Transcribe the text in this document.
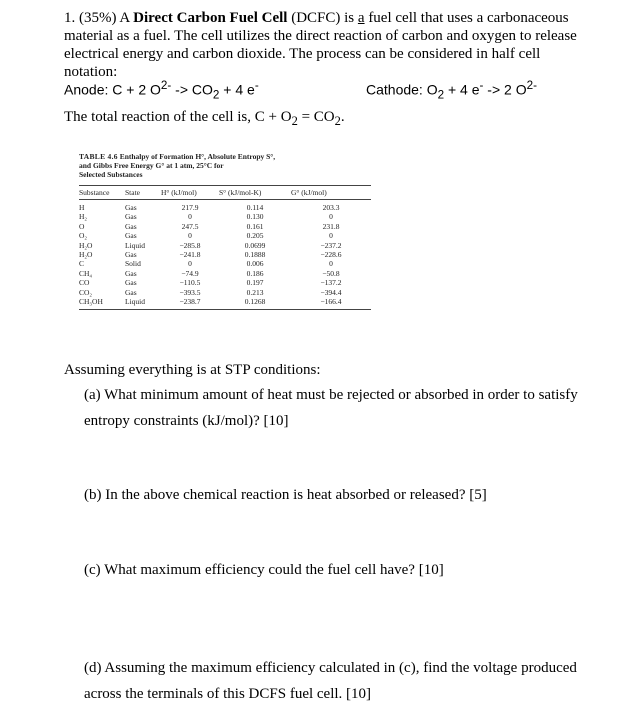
1. (35%) A Direct Carbon Fuel Cell (DCFC) is a fuel cell that uses a carbonaceous material as a fuel. The cell utilizes the direct reaction of carbon and oxygen to release electrical energy and carbon dioxide. The process can be considered in half cell notation:
Anode: C + 2 $O^{2-} -> CO_2 + 4$ e-	Cathode: $O_2 + 4$ e- -> 2 $O^{2-}$
The total reaction of the cell is, $C + O_2 = CO_2$.
TABLE 4.6 Enthalpy of Formation H°, Absolute Entropy S°,
and Gibbs Free Energy G° at 1 atm, 25°C for
Selected Substances
Substance	State	H° (kJ/mol)	S° (kJ/mol-K)	G° (kJ/mol)
H	Gas	217.9	0.114	203.3
H₂	Gas	0	0.130	0
O	Gas	247.5	0.161	231.8
O₂	Gas	0	0.205	0
H₂O	Liquid	−285.8	0.0699	−237.2
H₂O	Gas	−241.8	0.1888	−228.6
C	Solid	0	0.006	0
CH₄	Gas	−74.9	0.186	−50.8
CO	Gas	−110.5	0.197	−137.2
CO₂	Gas	−393.5	0.213	−394.4
CH₃OH	Liquid	−238.7	0.1268	−166.4
Assuming everything is at STP conditions:
(a) What minimum amount of heat must be rejected or absorbed in order to satisfy
entropy constraints (kJ/mol)? [10]
(b) In the above chemical reaction is heat absorbed or released? [5]
(c) What maximum efficiency could the fuel cell have? [10]
(d) Assuming the maximum efficiency calculated in (c), find the voltage produced
across the terminals of this DCFS fuel cell. [10]
